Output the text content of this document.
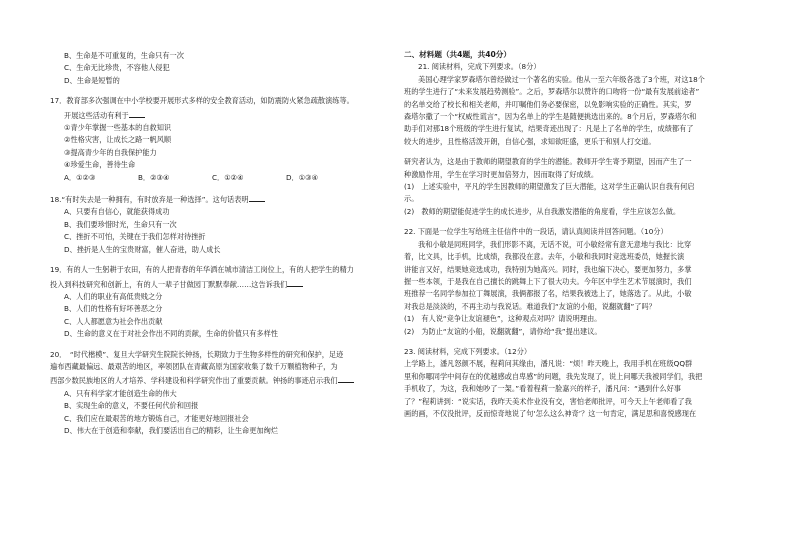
B、生命是不可重复的，生命只有一次
C、生命无比珍贵，不容他人侵犯
D、生命是短暂的
17．教育部多次强调在中小学校要开展形式多样的安全教育活动，如防震防火紧急疏散演练等。
开展这些活动有利于
①青少年掌握一些基本的自救知识
②性格灾害，让成长之路一帆风顺
③提高青少年的自我保护能力
④珍爱生命，善待生命
A．①②③	B．②③④	C．①②④	D．①③④
18.“有时失去是一种拥有，有时放弃是一种选择”。这句话表明
A、只要有自信心，就能获得成功
B、我们要珍惜时光，生命只有一次
C、挫折不可怕，关键在于我们怎样对待挫折
D、挫折是人生的宝贵财富，催人奋进，助人成长
19．有的人一生躬耕于农田，有的人把青春的年华洒在城市清洁工岗位上，有的人把学生的精力
投入到科技研究和创新上，有的人一辈子甘做园丁默默奉献……这告诉我们
A、人们的职业有高低贵贱之分
B、人们的性格有好坏善恶之分
C、人人都愿意为社会作出贡献
D、生命的意义在于对社会作出不同的贡献，生命的价值只有多样性
20．　“时代楷模”、复旦大学研究生院院长钟扬，长期致力于生物多样性的研究和保护，足迹
遍布西藏最偏远、最艰苦的地区，率领团队在青藏高原为国家收集了数千万颗植物种子，为
西部少数民族地区的人才培养、学科建设和科学研究作出了重要贡献。钟扬的事迹启示我们
A、只有科学家才能创造生命的伟大
B、实现生命的意义，不要任何代价和回报
C、我们应在最艰苦的地方锻炼自己，才能更好地回报社会
D、伟大在于创造和奉献，我们要活出自己的精彩，让生命更加绚烂
二、材料题（共4题，共40分）
21. 阅读材料，完成下列要求。（8分）
美国心理学家罗森塔尔曾经做过一个著名的实验。他从一至六年级各选了3个班，对这18个
班的学生进行了“未来发展趋势测验”。之后，罗森塔尔以赞许的口吻将一份“最有发展前途者”
的名单交给了校长和相关老师，并叮嘱他们务必要保密，以免影响实验的正确性。其实，罗
森塔尔撒了一个“权威性谎言”，因为名单上的学生是随便挑选出来的。8个月后，罗森塔尔和
助手们对那18个班级的学生进行复试，结果奇迹出现了：凡是上了名单的学生，成绩都有了
较大的进步，且性格活泼开朗，自信心强，求知欲旺盛，更乐于和别人打交道。
研究者认为，这是由于教师的期望教育的学生的潜能。教师开学生寄予期望，因而产生了一
种激励作用，学生在学习时更加倍努力，因而取得了好成绩。
(1)　上述实验中，平凡的学生因教师的期望激发了巨大潜能，这对学生正确认识自我有何启
示。
(2)　教师的期望能促进学生的成长进步，从自我激发潜能的角度看，学生应该怎么做。
22. 下面是一位学生写给班主任信件中的一段话，请认真阅读并回答问题。（10分）
我和小敏是同班同学，我们形影不离，无话不说，可小敏经常有意无意地与我比：比穿
着，比文具，比手机，比成绩，我都没在意。去年，小敏和我同时竞选班委员，她握长演
讲能言又好，结果她竞选成功，我特别为她高兴。同时，我也编下决心，要更加努力，多掌
握一些本领，于是我在自己擅长的跳舞上下了很大功夫。今年区中学生艺术节展演时，我们
班推荐一名同学参加拉丁舞展演，我俩都报了名，结果我被选上了，她落选了。从此，小敏
对我总是淡淡的，不再主动与我说话。难道我们“友谊的小船，说翻就翻”了吗？
(1)　有人说“竞争让友谊褪色”，这种观点对吗？请说明理由。
(2)　为防止“友谊的小船，说翻就翻”，请你给“我”提出建议。
23. 阅读材料，完成下列要求。（12分）
上学路上，潘凡怒颜不展，程莉问其缘由，潘凡说：“烦！昨天晚上，我用手机在班级QQ群
里和你哪同学中间存在的优越感或自卑感”的问题，我先发现了，说上问哪天我被同学们，我把
手机收了，为这，我和她吵了一架。”看着程莉一脸嘉兴的样子，潘凡问：“遇到什么好事
了？”程莉讲到：“说实话，我昨天美术作业没有交，害怕老师批评，可今天上午老师看了我
画的画，不仅没批评，反而惊奇地说了句‘怎么这么神奇’？这一句肯定，满足思和喜悦感现在
